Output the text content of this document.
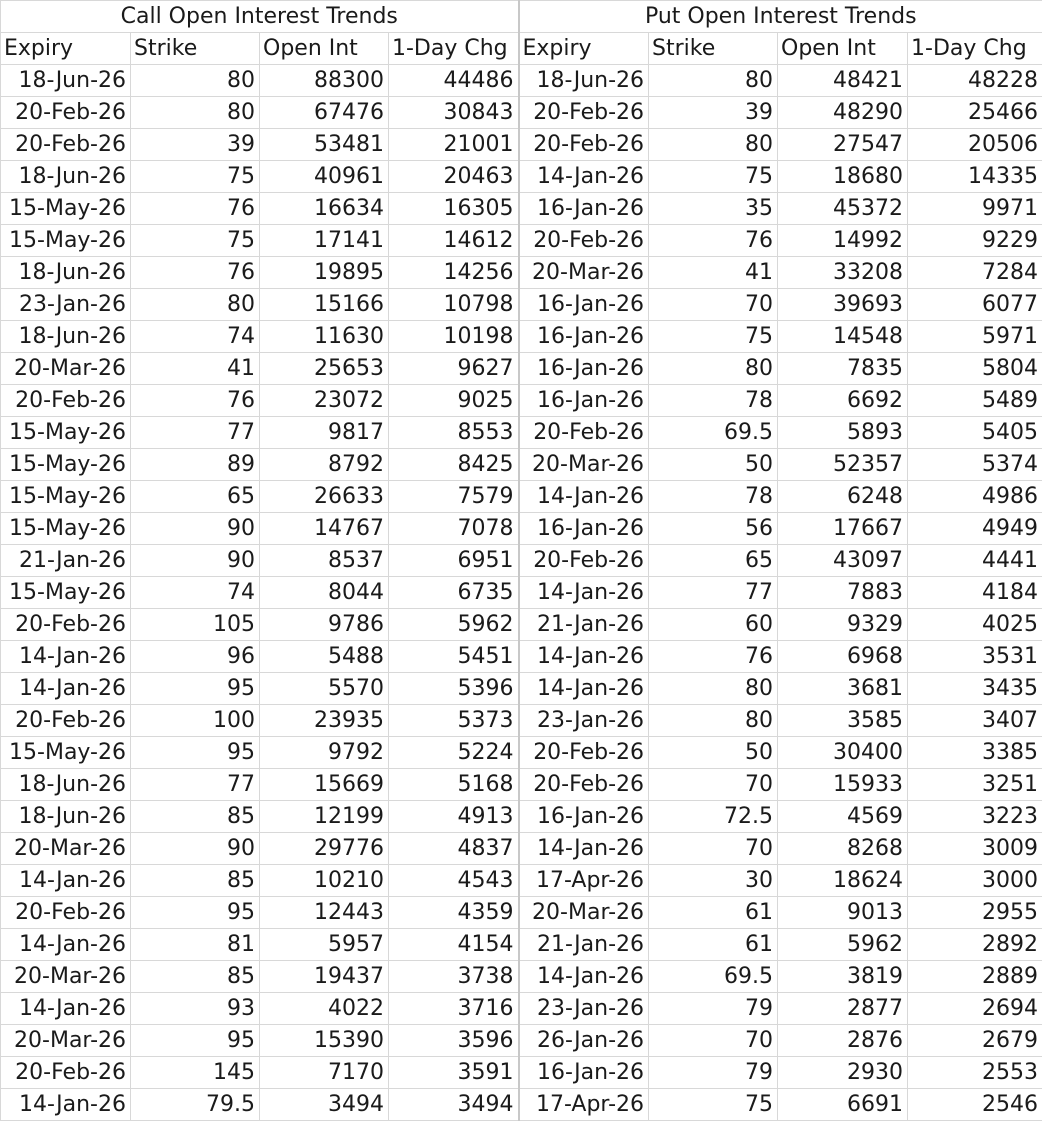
Call Open Interest Trends				Put Open Interest Trends			
Expiry	Strike	Open Int	1-Day Chg	Expiry	Strike	Open Int	1-Day Chg
18-Jun-26	80	88300	44486	18-Jun-26	80	48421	48228
20-Feb-26	80	67476	30843	20-Feb-26	39	48290	25466
20-Feb-26	39	53481	21001	20-Feb-26	80	27547	20506
18-Jun-26	75	40961	20463	14-Jan-26	75	18680	14335
15-May-26	76	16634	16305	16-Jan-26	35	45372	9971
15-May-26	75	17141	14612	20-Feb-26	76	14992	9229
18-Jun-26	76	19895	14256	20-Mar-26	41	33208	7284
23-Jan-26	80	15166	10798	16-Jan-26	70	39693	6077
18-Jun-26	74	11630	10198	16-Jan-26	75	14548	5971
20-Mar-26	41	25653	9627	16-Jan-26	80	7835	5804
20-Feb-26	76	23072	9025	16-Jan-26	78	6692	5489
15-May-26	77	9817	8553	20-Feb-26	69.5	5893	5405
15-May-26	89	8792	8425	20-Mar-26	50	52357	5374
15-May-26	65	26633	7579	14-Jan-26	78	6248	4986
15-May-26	90	14767	7078	16-Jan-26	56	17667	4949
21-Jan-26	90	8537	6951	20-Feb-26	65	43097	4441
15-May-26	74	8044	6735	14-Jan-26	77	7883	4184
20-Feb-26	105	9786	5962	21-Jan-26	60	9329	4025
14-Jan-26	96	5488	5451	14-Jan-26	76	6968	3531
14-Jan-26	95	5570	5396	14-Jan-26	80	3681	3435
20-Feb-26	100	23935	5373	23-Jan-26	80	3585	3407
15-May-26	95	9792	5224	20-Feb-26	50	30400	3385
18-Jun-26	77	15669	5168	20-Feb-26	70	15933	3251
18-Jun-26	85	12199	4913	16-Jan-26	72.5	4569	3223
20-Mar-26	90	29776	4837	14-Jan-26	70	8268	3009
14-Jan-26	85	10210	4543	17-Apr-26	30	18624	3000
20-Feb-26	95	12443	4359	20-Mar-26	61	9013	2955
14-Jan-26	81	5957	4154	21-Jan-26	61	5962	2892
20-Mar-26	85	19437	3738	14-Jan-26	69.5	3819	2889
14-Jan-26	93	4022	3716	23-Jan-26	79	2877	2694
20-Mar-26	95	15390	3596	26-Jan-26	70	2876	2679
20-Feb-26	145	7170	3591	16-Jan-26	79	2930	2553
14-Jan-26	79.5	3494	3494	17-Apr-26	75	6691	2546
